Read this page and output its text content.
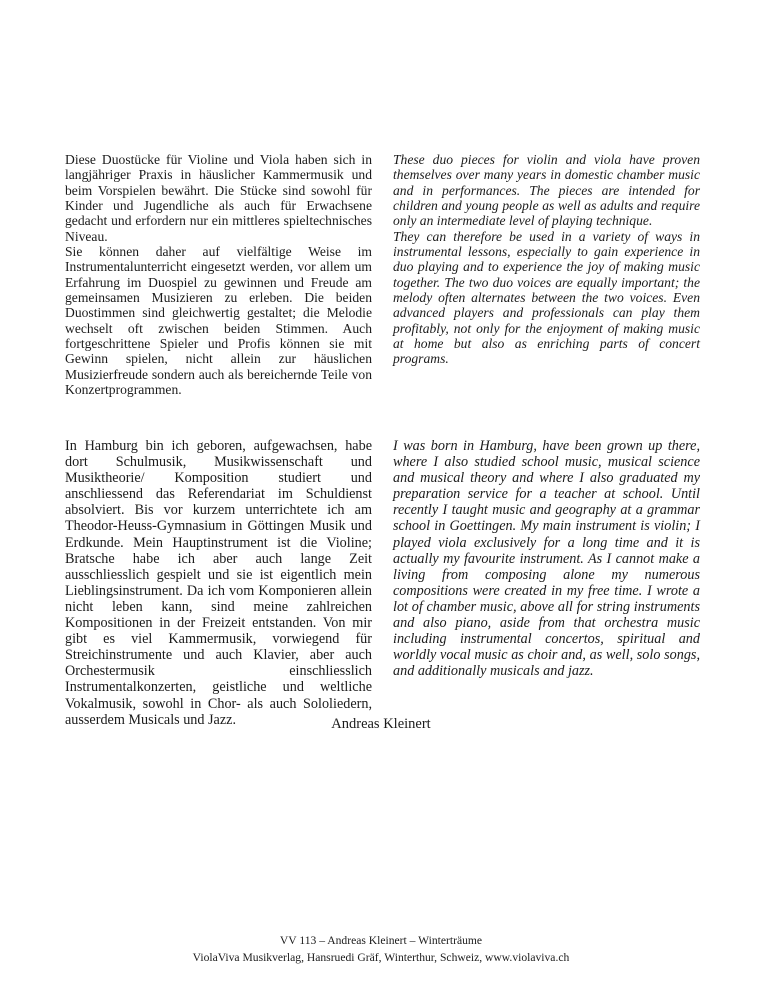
Diese Duostücke für Violine und Viola haben sich in langjähriger Praxis in häuslicher Kammermusik und beim Vorspielen bewährt. Die Stücke sind sowohl für Kinder und Jugendliche als auch für Erwachsene gedacht und erfordern nur ein mittleres spieltechnisches Niveau.

Sie können daher auf vielfältige Weise im Instrumentalunterricht eingesetzt werden, vor allem um Erfahrung im Duospiel zu gewinnen und Freude am gemeinsamen Musizieren zu erleben. Die beiden Duostimmen sind gleichwertig gestaltet; die Melodie wechselt oft zwischen beiden Stimmen. Auch fortgeschrittene Spieler und Profis können sie mit Gewinn spielen, nicht allein zur häuslichen Musizierfreude sondern auch als bereichernde Teile von Konzertprogrammen.

These duo pieces for violin and viola have proven themselves over many years in domestic chamber music and in performances. The pieces are intended for children and young people as well as adults and require only an intermediate level of playing technique.

They can therefore be used in a variety of ways in instrumental lessons, especially to gain experience in duo playing and to experience the joy of making music together. The two duo voices are equally important; the melody often alternates between the two voices. Even advanced players and professionals can play them profitably, not only for the enjoyment of making music at home but also as enriching parts of concert programs.

In Hamburg bin ich geboren, aufgewachsen, habe dort Schulmusik, Musikwissenschaft und Musiktheorie/ Komposition studiert und anschliessend das Referendariat im Schuldienst absolviert. Bis vor kurzem unterrichtete ich am Theodor-Heuss-Gymnasium in Göttingen Musik und Erdkunde. Mein Hauptinstrument ist die Violine; Bratsche habe ich aber auch lange Zeit ausschliesslich gespielt und sie ist eigentlich mein Lieblingsinstrument. Da ich vom Komponieren allein nicht leben kann, sind meine zahlreichen Kompositionen in der Freizeit entstanden. Von mir gibt es viel Kammermusik, vorwiegend für Streichinstrumente und auch Klavier, aber auch Orchestermusik einschliesslich Instrumentalkonzerten, geistliche und weltliche Vokalmusik, sowohl in Chor- als auch Sololiedern, ausserdem Musicals und Jazz.

I was born in Hamburg, have been grown up there, where I also studied school music, musical science and musical theory and where I also graduated my preparation service for a teacher at school. Until recently I taught music and geography at a grammar school in Goettingen. My main instrument is violin; I played viola exclusively for a long time and it is actually my favourite instrument. As I cannot make a living from composing alone my numerous compositions were created in my free time. I wrote a lot of chamber music, above all for string instruments and also piano, aside from that orchestra music including instrumental concertos, spiritual and worldly vocal music as choir and, as well, solo songs, and additionally musicals and jazz.

Andreas Kleinert
VV 113 – Andreas Kleinert – Winterträume
ViolaViva Musikverlag, Hansruedi Gräf, Winterthur, Schweiz, www.violaviva.ch
